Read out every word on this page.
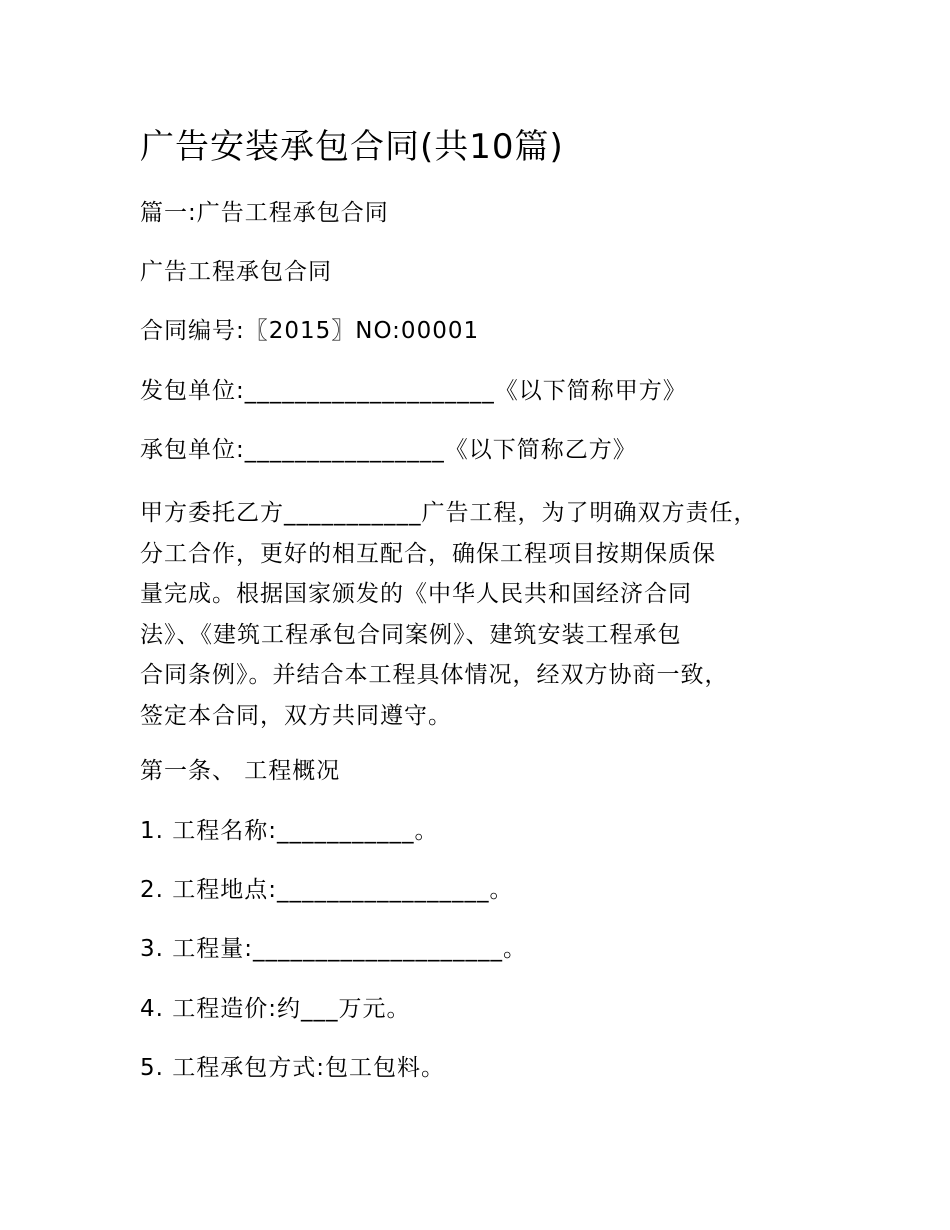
广告安装承包合同(共10篇)
篇一:广告工程承包合同
广告工程承包合同
合同编号:〖2015〗NO:00001
发包单位:____________________《以下简称甲方》
承包单位:________________《以下简称乙方》
甲方委托乙方___________广告工程，为了明确双方责任，
分工合作，更好的相互配合，确保工程项目按期保质保
量完成。根据国家颁发的《中华人民共和国经济合同
法》、《建筑工程承包合同案例》、建筑安装工程承包
合同条例》。并结合本工程具体情况，经双方协商一致，
签定本合同，双方共同遵守。
第一条、 工程概况
1. 工程名称:___________。
2. 工程地点:_________________。
3. 工程量:____________________。
4. 工程造价:约___万元。
5. 工程承包方式:包工包料。
